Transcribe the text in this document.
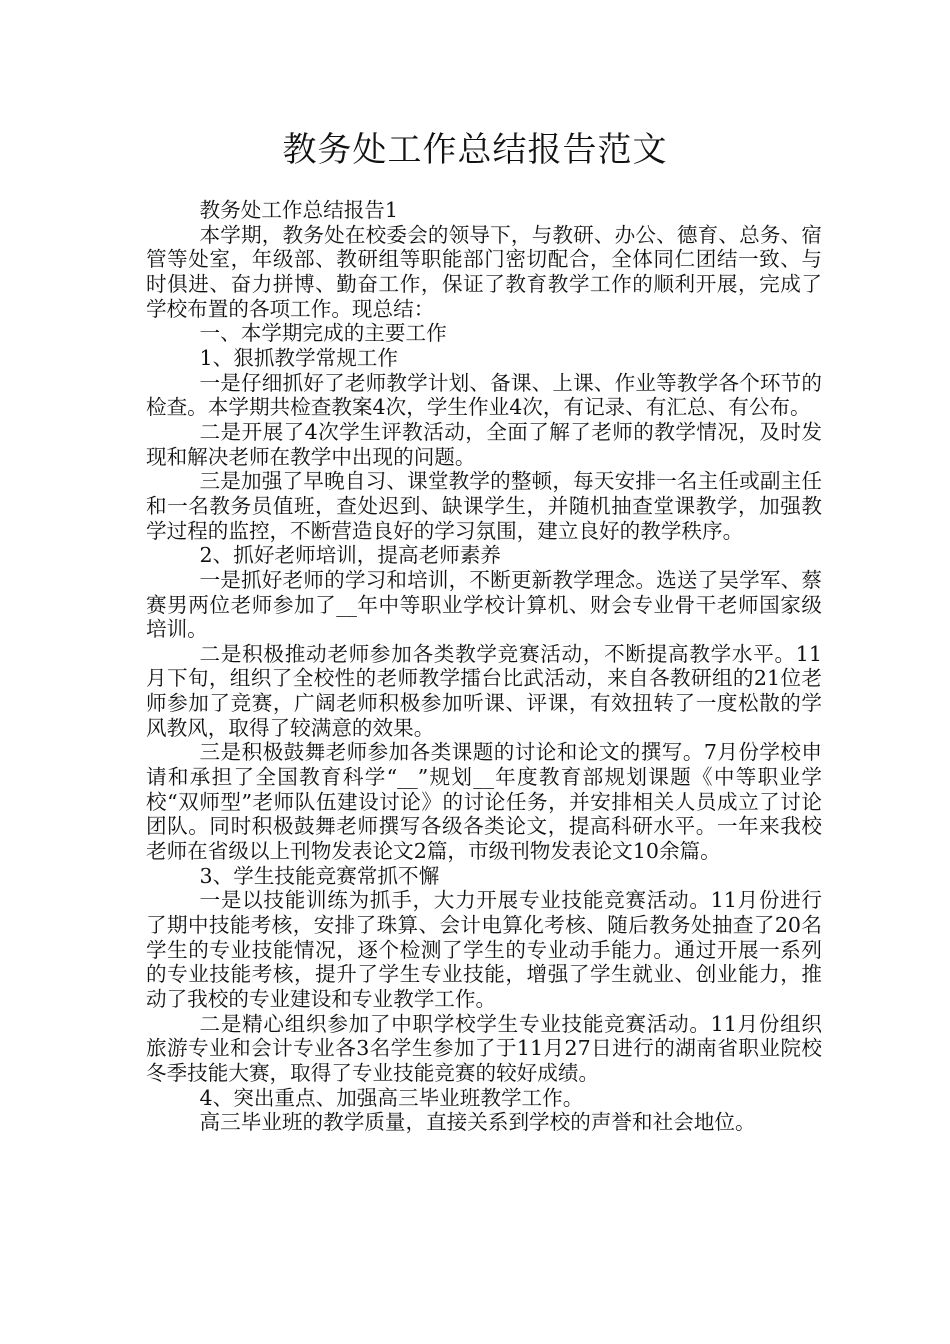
教务处工作总结报告范文

教务处工作总结报告1

本学期，教务处在校委会的领导下，与教研、办公、德育、总务、宿管等处室，年级部、教研组等职能部门密切配合，全体同仁团结一致、与时俱进、奋力拼博、勤奋工作，保证了教育教学工作的顺利开展，完成了学校布置的各项工作。现总结：

一、本学期完成的主要工作

1、狠抓教学常规工作

一是仔细抓好了老师教学计划、备课、上课、作业等教学各个环节的检查。本学期共检查教案4次，学生作业4次，有记录、有汇总、有公布。

二是开展了4次学生评教活动，全面了解了老师的教学情况，及时发现和解决老师在教学中出现的问题。

三是加强了早晚自习、课堂教学的整顿，每天安排一名主任或副主任和一名教务员值班，查处迟到、缺课学生，并随机抽查堂课教学，加强教学过程的监控，不断营造良好的学习氛围，建立良好的教学秩序。

2、抓好老师培训，提高老师素养

一是抓好老师的学习和培训，不断更新教学理念。选送了吴学军、蔡赛男两位老师参加了__年中等职业学校计算机、财会专业骨干老师国家级培训。

二是积极推动老师参加各类教学竞赛活动，不断提高教学水平。11月下旬，组织了全校性的老师教学擂台比武活动，来自各教研组的21位老师参加了竞赛，广阔老师积极参加听课、评课，有效扭转了一度松散的学风教风，取得了较满意的效果。

三是积极鼓舞老师参加各类课题的讨论和论文的撰写。7月份学校申请和承担了全国教育科学“__”规划__年度教育部规划课题《中等职业学校“双师型”老师队伍建设讨论》的讨论任务，并安排相关人员成立了讨论团队。同时积极鼓舞老师撰写各级各类论文，提高科研水平。一年来我校老师在省级以上刊物发表论文2篇，市级刊物发表论文10余篇。

3、学生技能竞赛常抓不懈

一是以技能训练为抓手，大力开展专业技能竞赛活动。11月份进行了期中技能考核，安排了珠算、会计电算化考核、随后教务处抽查了20名学生的专业技能情况，逐个检测了学生的专业动手能力。通过开展一系列的专业技能考核，提升了学生专业技能，增强了学生就业、创业能力，推动了我校的专业建设和专业教学工作。

二是精心组织参加了中职学校学生专业技能竞赛活动。11月份组织旅游专业和会计专业各3名学生参加了于11月27日进行的湖南省职业院校冬季技能大赛，取得了专业技能竞赛的较好成绩。

4、突出重点、加强高三毕业班教学工作。

高三毕业班的教学质量，直接关系到学校的声誉和社会地位。
